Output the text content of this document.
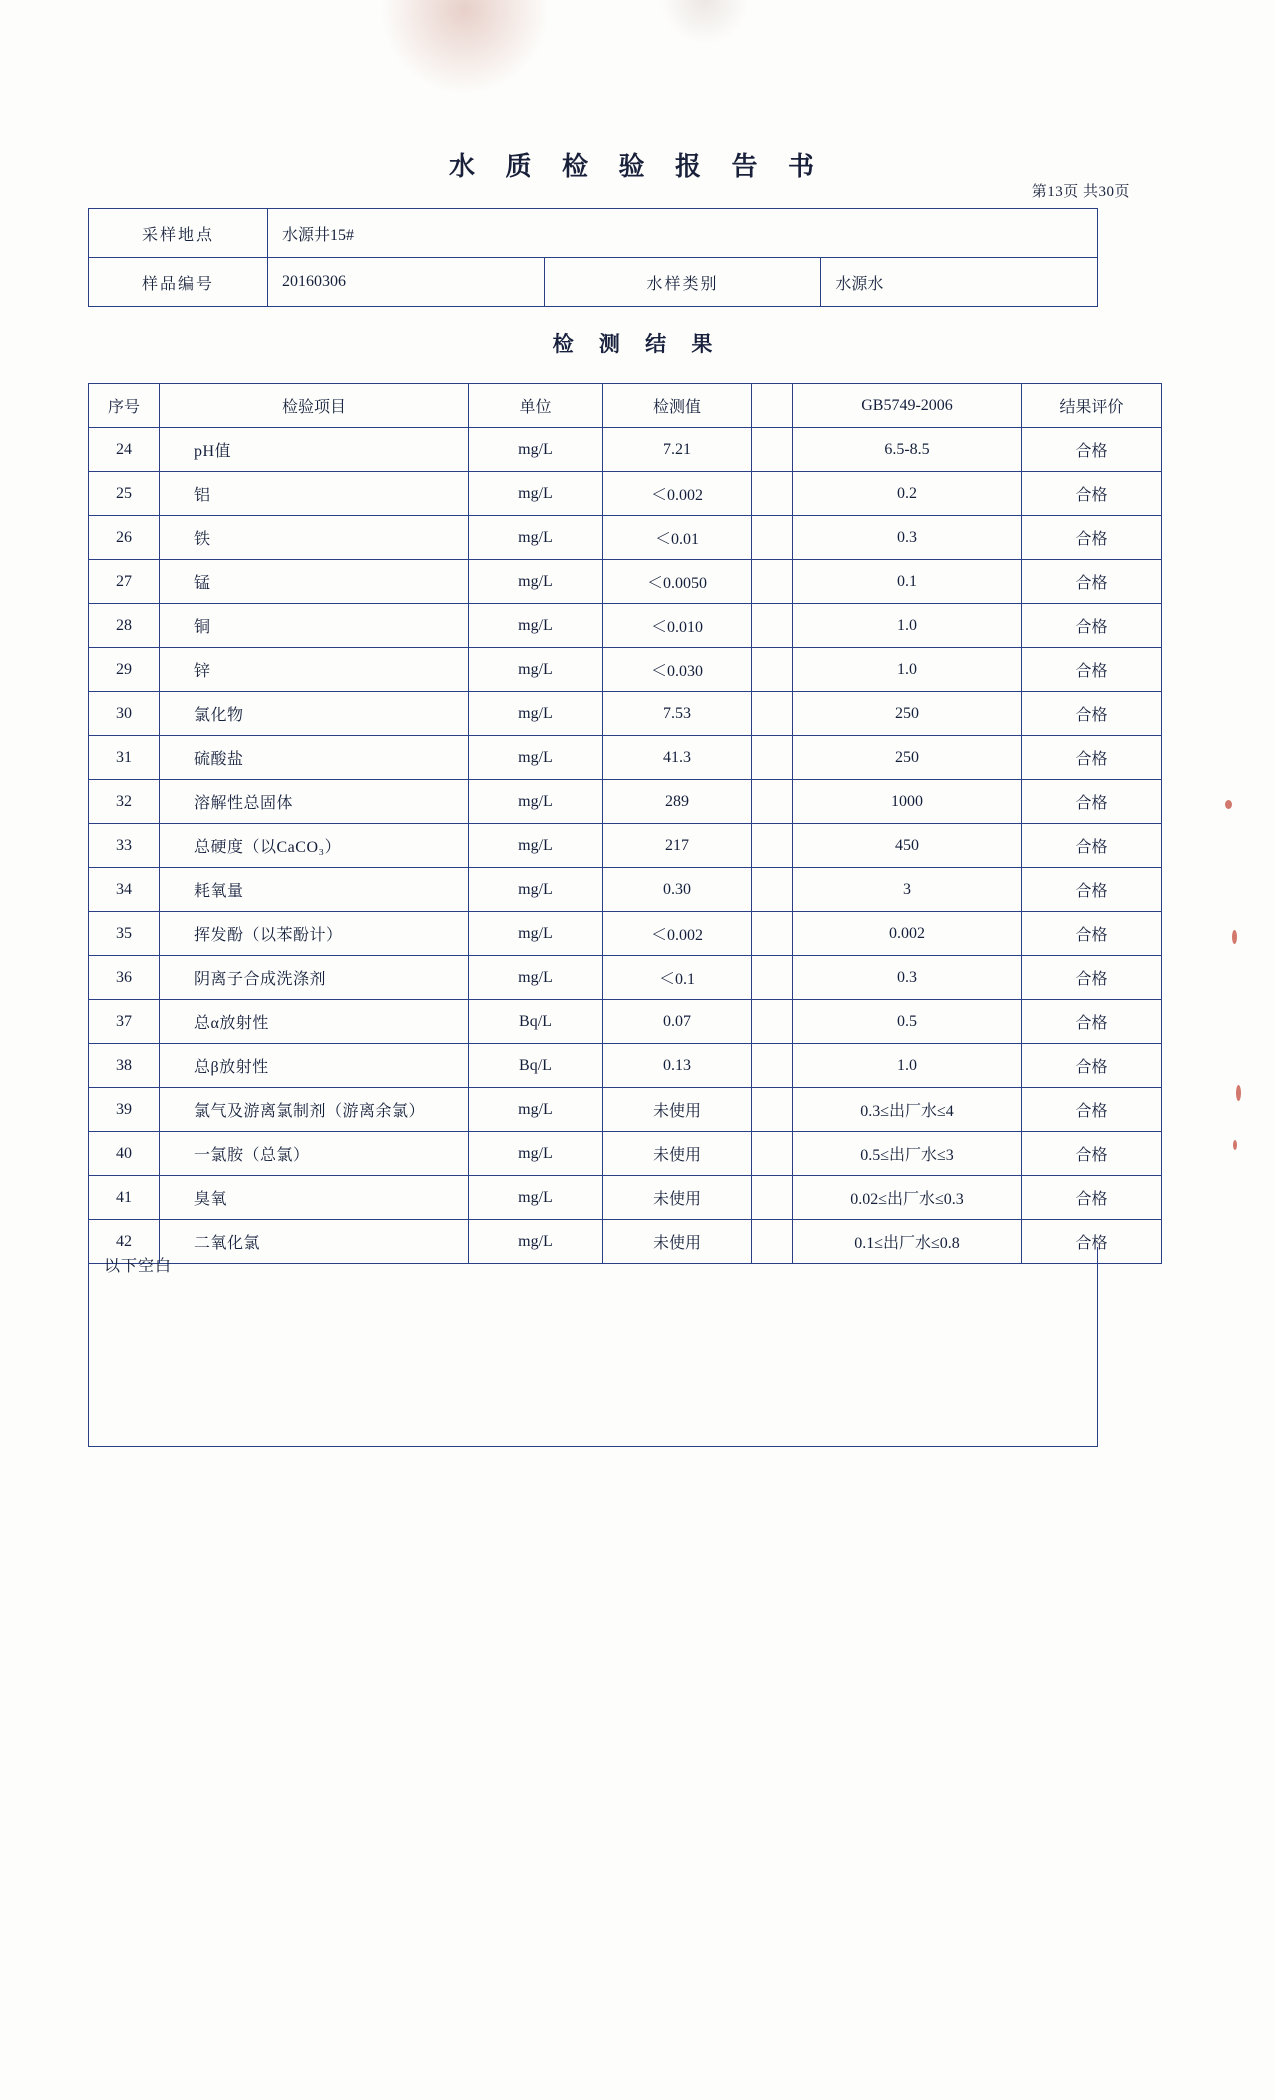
水 质 检 验 报 告 书
第13页 共30页
采样地点	水源井15#		
样品编号	20160306	水样类别	水源水
检 测 结 果
序号	检验项目	单位	检测值		GB5749-2006	结果评价
24	pH值	mg/L	7.21		6.5-8.5	合格
25	铝	mg/L	＜0.002		0.2	合格
26	铁	mg/L	＜0.01		0.3	合格
27	锰	mg/L	＜0.0050		0.1	合格
28	铜	mg/L	＜0.010		1.0	合格
29	锌	mg/L	＜0.030		1.0	合格
30	氯化物	mg/L	7.53		250	合格
31	硫酸盐	mg/L	41.3		250	合格
32	溶解性总固体	mg/L	289		1000	合格
33	总硬度（以CaCO₃）	mg/L	217		450	合格
34	耗氧量	mg/L	0.30		3	合格
35	挥发酚（以苯酚计）	mg/L	＜0.002		0.002	合格
36	阴离子合成洗涤剂	mg/L	＜0.1		0.3	合格
37	总α放射性	Bq/L	0.07		0.5	合格
38	总β放射性	Bq/L	0.13		1.0	合格
39	氯气及游离氯制剂（游离余氯）	mg/L	未使用		0.3≤出厂水≤4	合格
40	一氯胺（总氯）	mg/L	未使用		0.5≤出厂水≤3	合格
41	臭氧	mg/L	未使用		0.02≤出厂水≤0.3	合格
42	二氧化氯	mg/L	未使用		0.1≤出厂水≤0.8	合格
以下空白
